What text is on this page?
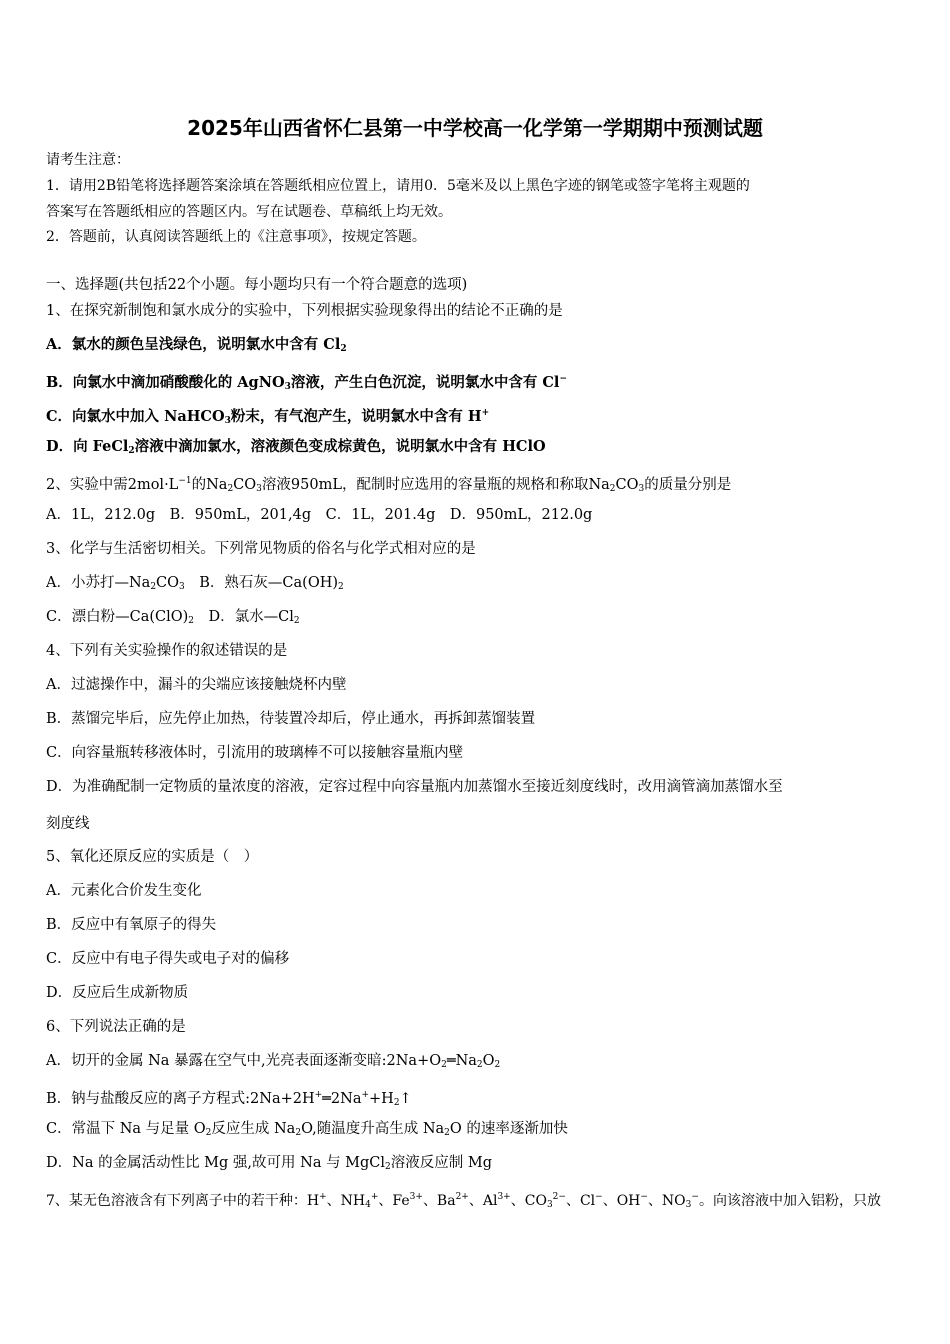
2025年山西省怀仁县第一中学校高一化学第一学期期中预测试题
请考生注意：
1．请用2B铅笔将选择题答案涂填在答题纸相应位置上，请用0．5毫米及以上黑色字迹的钢笔或签字笔将主观题的
答案写在答题纸相应的答题区内。写在试题卷、草稿纸上均无效。
2．答题前，认真阅读答题纸上的《注意事项》，按规定答题。
一、选择题(共包括22个小题。每小题均只有一个符合题意的选项)
1、在探究新制饱和氯水成分的实验中，下列根据实验现象得出的结论不正确的是
A．氯水的颜色呈浅绿色，说明氯水中含有 $Cl_2$
B．向氯水中滴加硝酸酸化的 AgNO$_3$溶液，产生白色沉淀，说明氯水中含有 Cl−
C．向氯水中加入 NaHCO$_3$粉末，有气泡产生，说明氯水中含有 H+
D．向 FeCl$_2$溶液中滴加氯水，溶液颜色变成棕黄色，说明氯水中含有 HClO
2、实验中需$2mol\cdot L^{-1}$的$Na_2CO_3$溶液950mL，配制时应选用的容量瓶的规格和称取$Na_2CO_3$的质量分别是
A．1L，212.0g　B．950mL，201,4g　C．1L，201.4g　D．950mL，212.0g
3、化学与生活密切相关。下列常见物质的俗名与化学式相对应的是
A．小苏打$—Na_2CO_3$　B．熟石灰$—Ca(OH)_2$
C．漂白粉$—Ca(ClO)_2$　D．氯水$—Cl_2$
4、下列有关实验操作的叙述错误的是
A．过滤操作中，漏斗的尖端应该接触烧杯内壁
B．蒸馏完毕后，应先停止加热，待装置冷却后，停止通水，再拆卸蒸馏装置
C．向容量瓶转移液体时，引流用的玻璃棒不可以接触容量瓶内壁
D．为准确配制一定物质的量浓度的溶液，定容过程中向容量瓶内加蒸馏水至接近刻度线时，改用滴管滴加蒸馏水至
刻度线
5、氧化还原反应的实质是（　）
A．元素化合价发生变化
B．反应中有氧原子的得失
C．反应中有电子得失或电子对的偏移
D．反应后生成新物质
6、下列说法正确的是
A．切开的金属 Na 暴露在空气中,光亮表面逐渐变暗$:2Na+O_2═Na_2O_2$
B．钠与盐酸反应的离子方程式$:2Na+2H^+═2Na^++H_2↑$
C．常温下 Na 与足量 $O_2$反应生成 $Na_2O$,随温度升高生成 $Na_2O$ 的速率逐渐加快
D．Na 的金属活动性比 Mg 强,故可用 Na 与 MgCl$_2$溶液反应制 Mg
7、某无色溶液含有下列离子中的若干种：H+、$NH_4^+$、$Fe^{3+}$、$Ba^{2+}$、$Al^{3+}$、$CO_3^{2-}$、Cl−、OH−、$NO_3^-$。向该溶液中加入铝粉，只放
